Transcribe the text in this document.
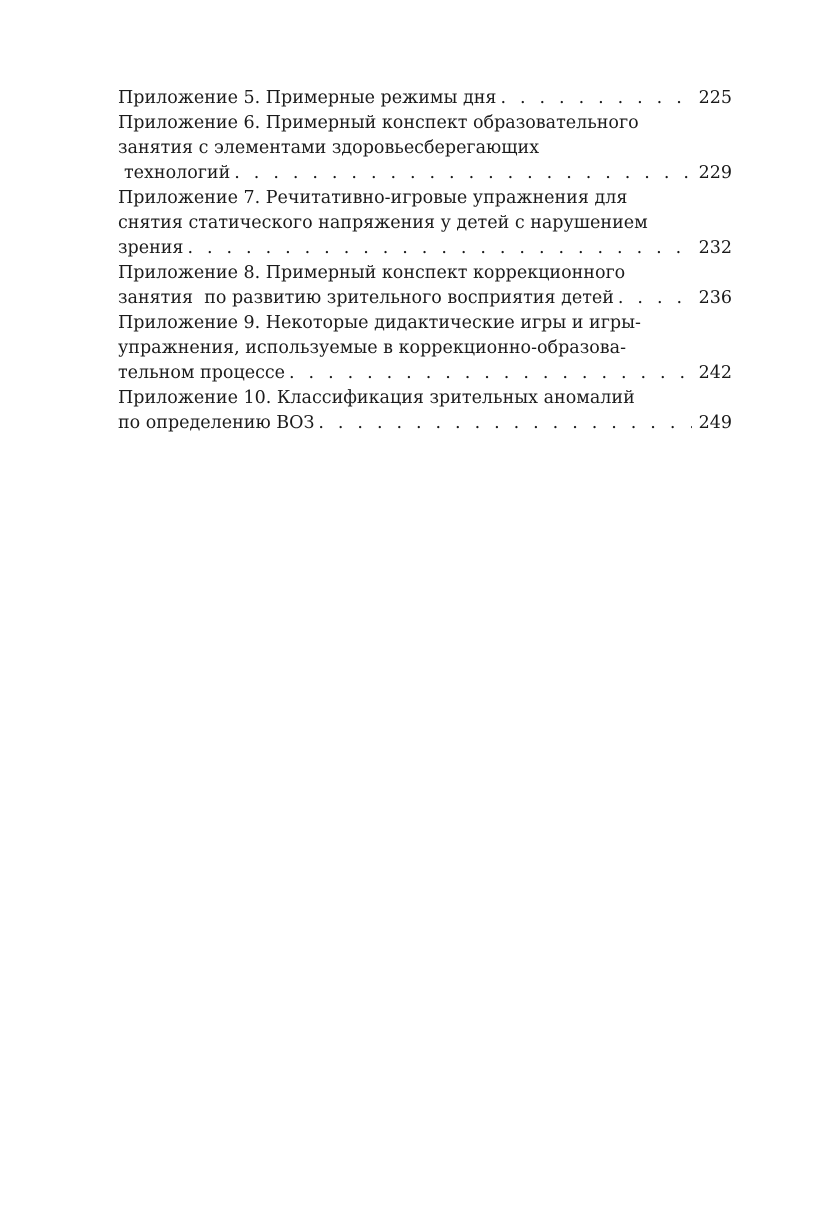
Приложение 5. Примерные режимы дня . . .	225
Приложение 6. Примерный конспект образовательного
занятия с элементами здоровьесберегающих
технологий . . .	229
Приложение 7. Речитативно-игровые упражнения для
снятия статического напряжения у детей с нарушением
зрения . . .	232
Приложение 8. Примерный конспект коррекционного
занятия  по развитию зрительного восприятия детей . . .	236
Приложение 9. Некоторые дидактические игры и игры-
упражнения, используемые в коррекционно-образова-
тельном процессе . . .	242
Приложение 10. Классификация зрительных аномалий
по определению ВОЗ . . .	249
